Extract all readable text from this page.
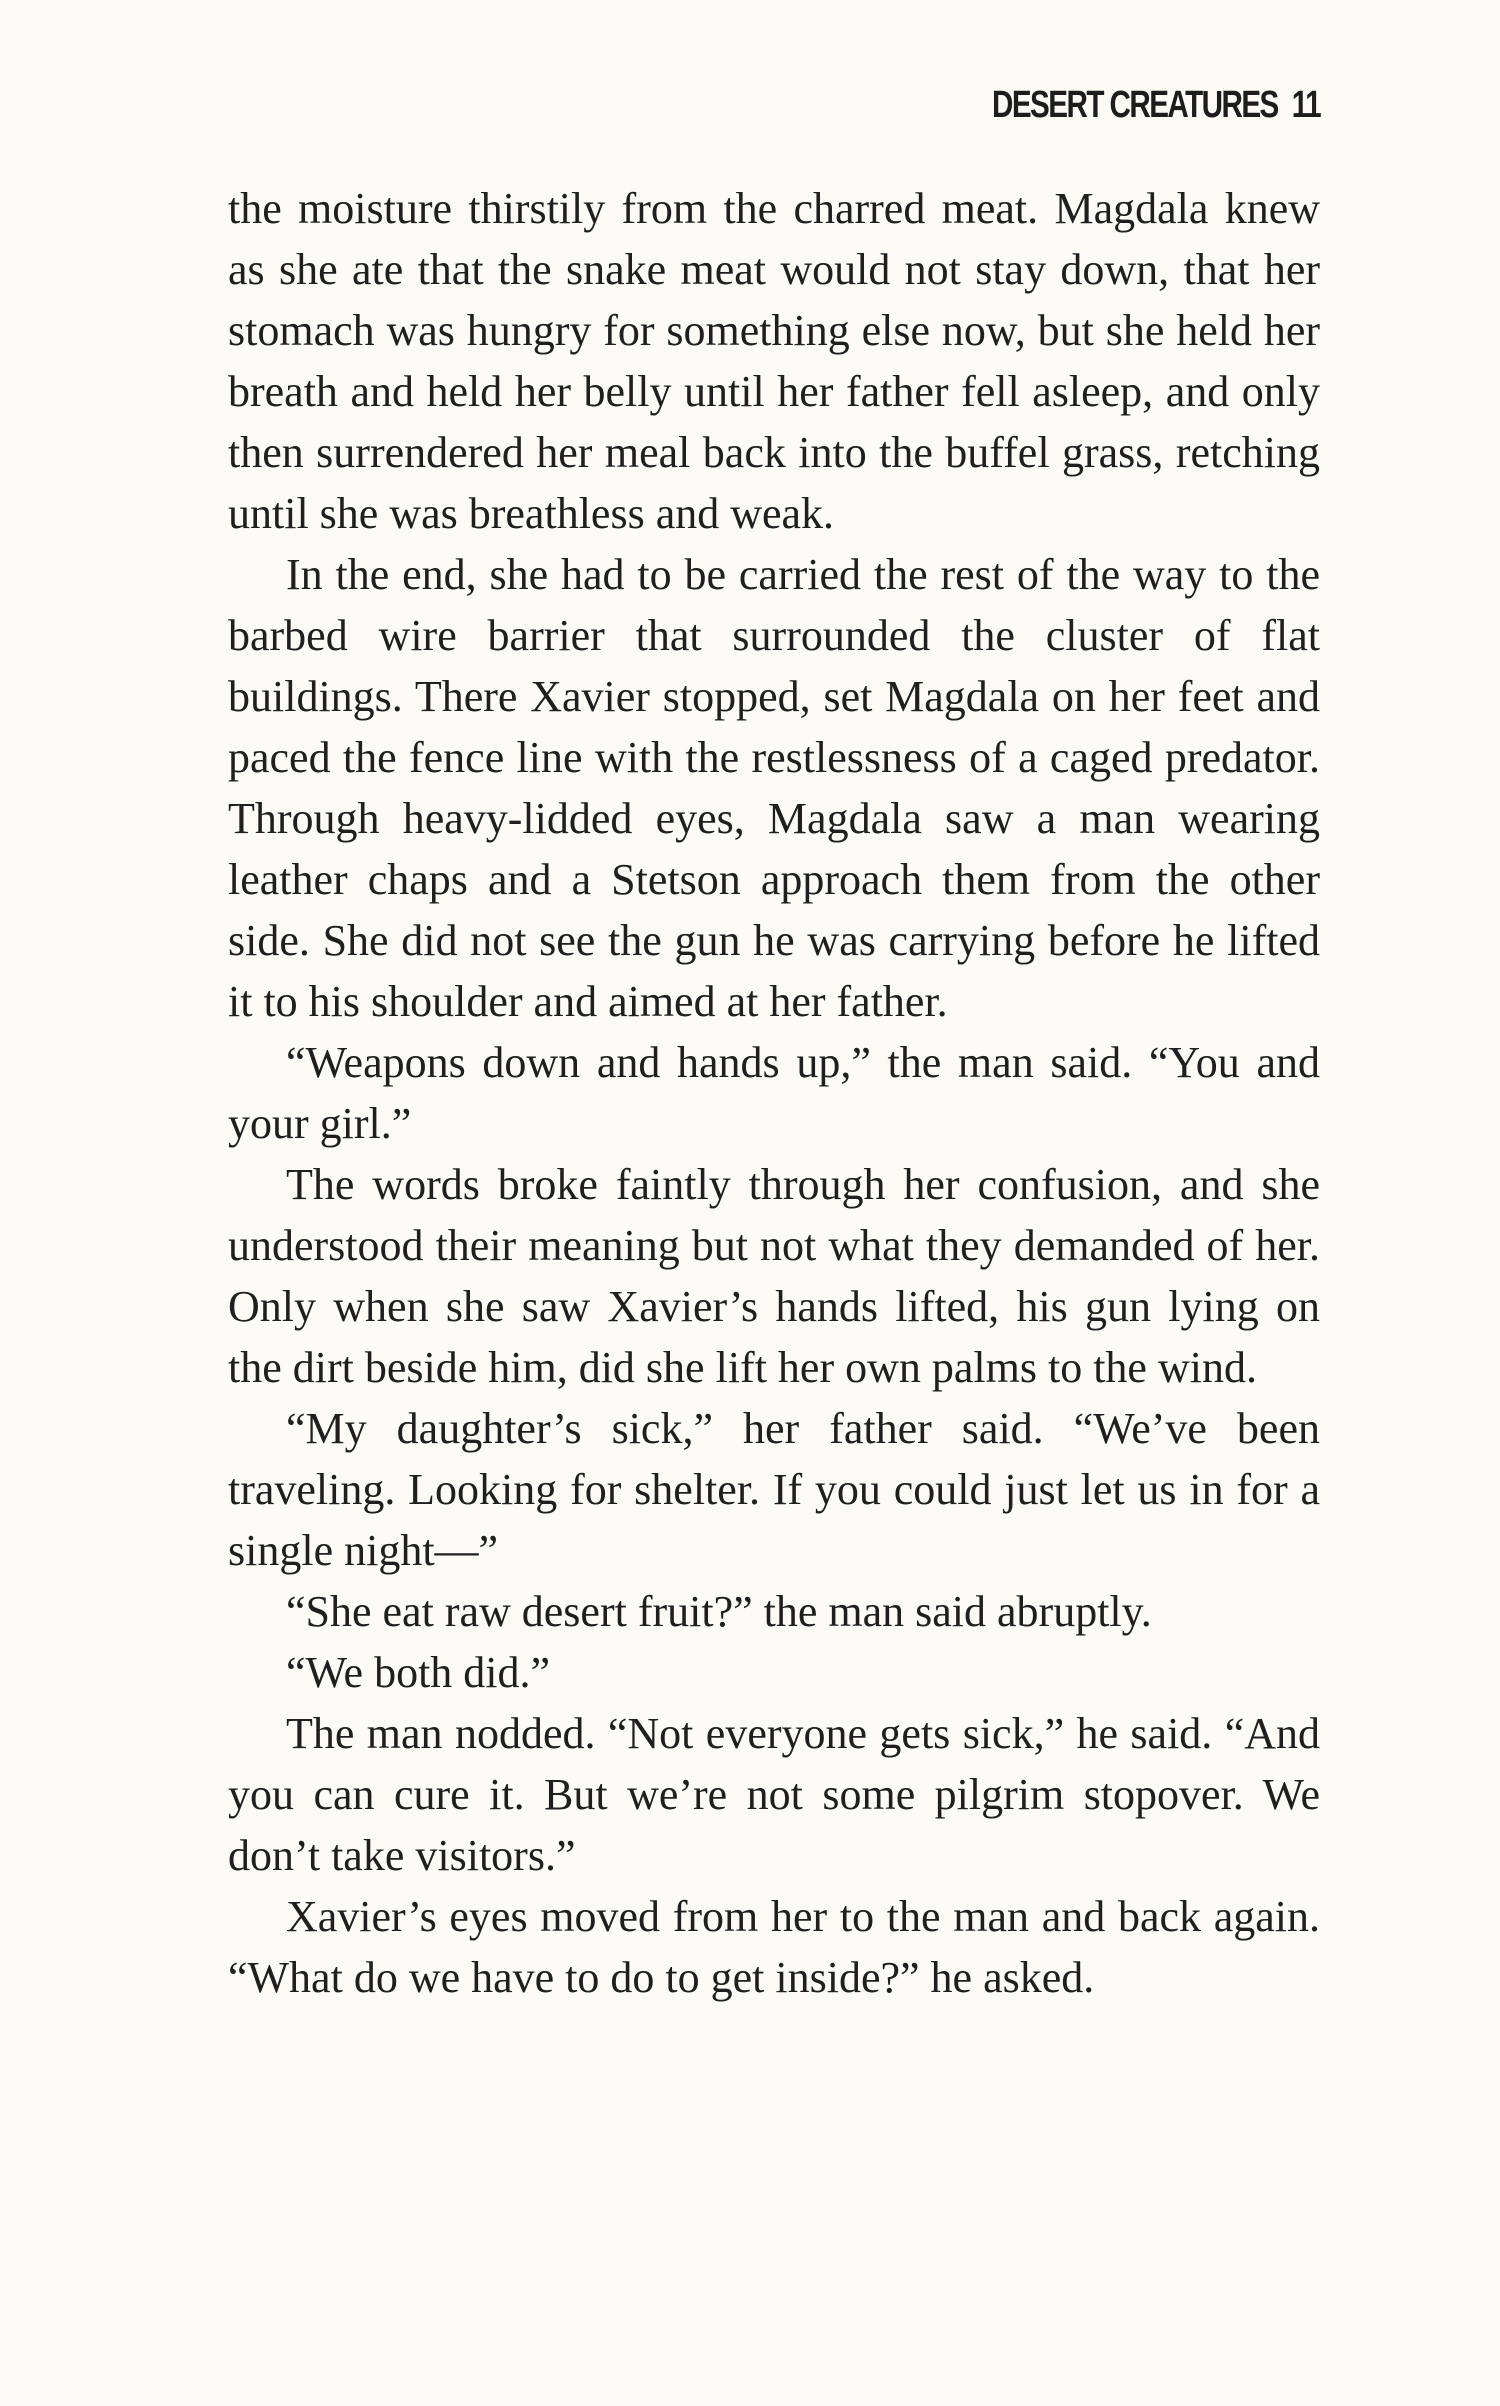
DESERT CREATURES 11

the moisture thirstily from the charred meat. Magdala knew as she ate that the snake meat would not stay down, that her stomach was hungry for something else now, but she held her breath and held her belly until her father fell asleep, and only then surrendered her meal back into the buffel grass, retching until she was breathless and weak.

In the end, she had to be carried the rest of the way to the barbed wire barrier that surrounded the cluster of flat buildings. There Xavier stopped, set Magdala on her feet and paced the fence line with the restlessness of a caged predator. Through heavy-lidded eyes, Magdala saw a man wearing leather chaps and a Stetson approach them from the other side. She did not see the gun he was carrying before he lifted it to his shoulder and aimed at her father.

“Weapons down and hands up,” the man said. “You and your girl.”

The words broke faintly through her confusion, and she understood their meaning but not what they demanded of her. Only when she saw Xavier’s hands lifted, his gun lying on the dirt beside him, did she lift her own palms to the wind.

“My daughter’s sick,” her father said. “We’ve been traveling. Looking for shelter. If you could just let us in for a single night—”

“She eat raw desert fruit?” the man said abruptly.

“We both did.”

The man nodded. “Not everyone gets sick,” he said. “And you can cure it. But we’re not some pilgrim stopover. We don’t take visitors.”

Xavier’s eyes moved from her to the man and back again. “What do we have to do to get inside?” he asked.
